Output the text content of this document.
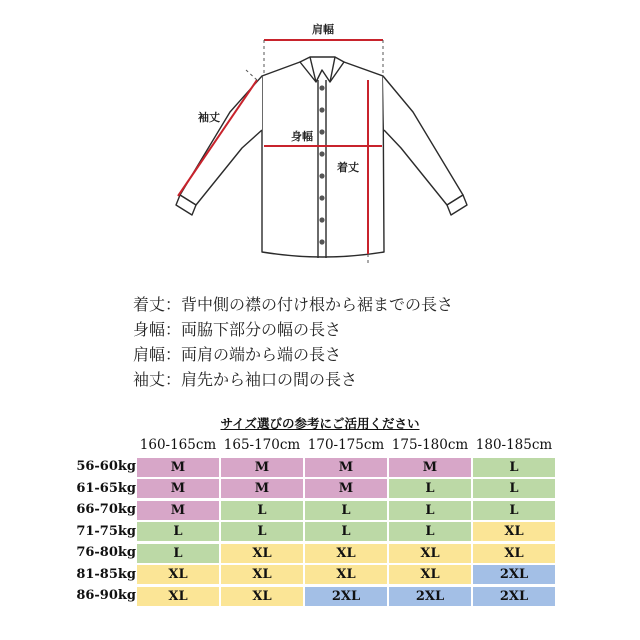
肩幅
袖丈
身幅
着丈
着丈：背中側の襟の付け根から裾までの長さ
身幅：両脇下部分の幅の長さ
肩幅：両肩の端から端の長さ
袖丈：肩先から袖口の間の長さ
サイズ選びの参考にご活用ください
160-165cm 165-170cm 170-175cm 175-180cm 180-185cm
56-60kg	M	M	M	M	L
61-65kg	M	M	M	L	L
66-70kg	M	L	L	L	L
71-75kg	L	L	L	L	XL
76-80kg	L	XL	XL	XL	XL
81-85kg	XL	XL	XL	XL	2XL
86-90kg	XL	XL	2XL	2XL	2XL
